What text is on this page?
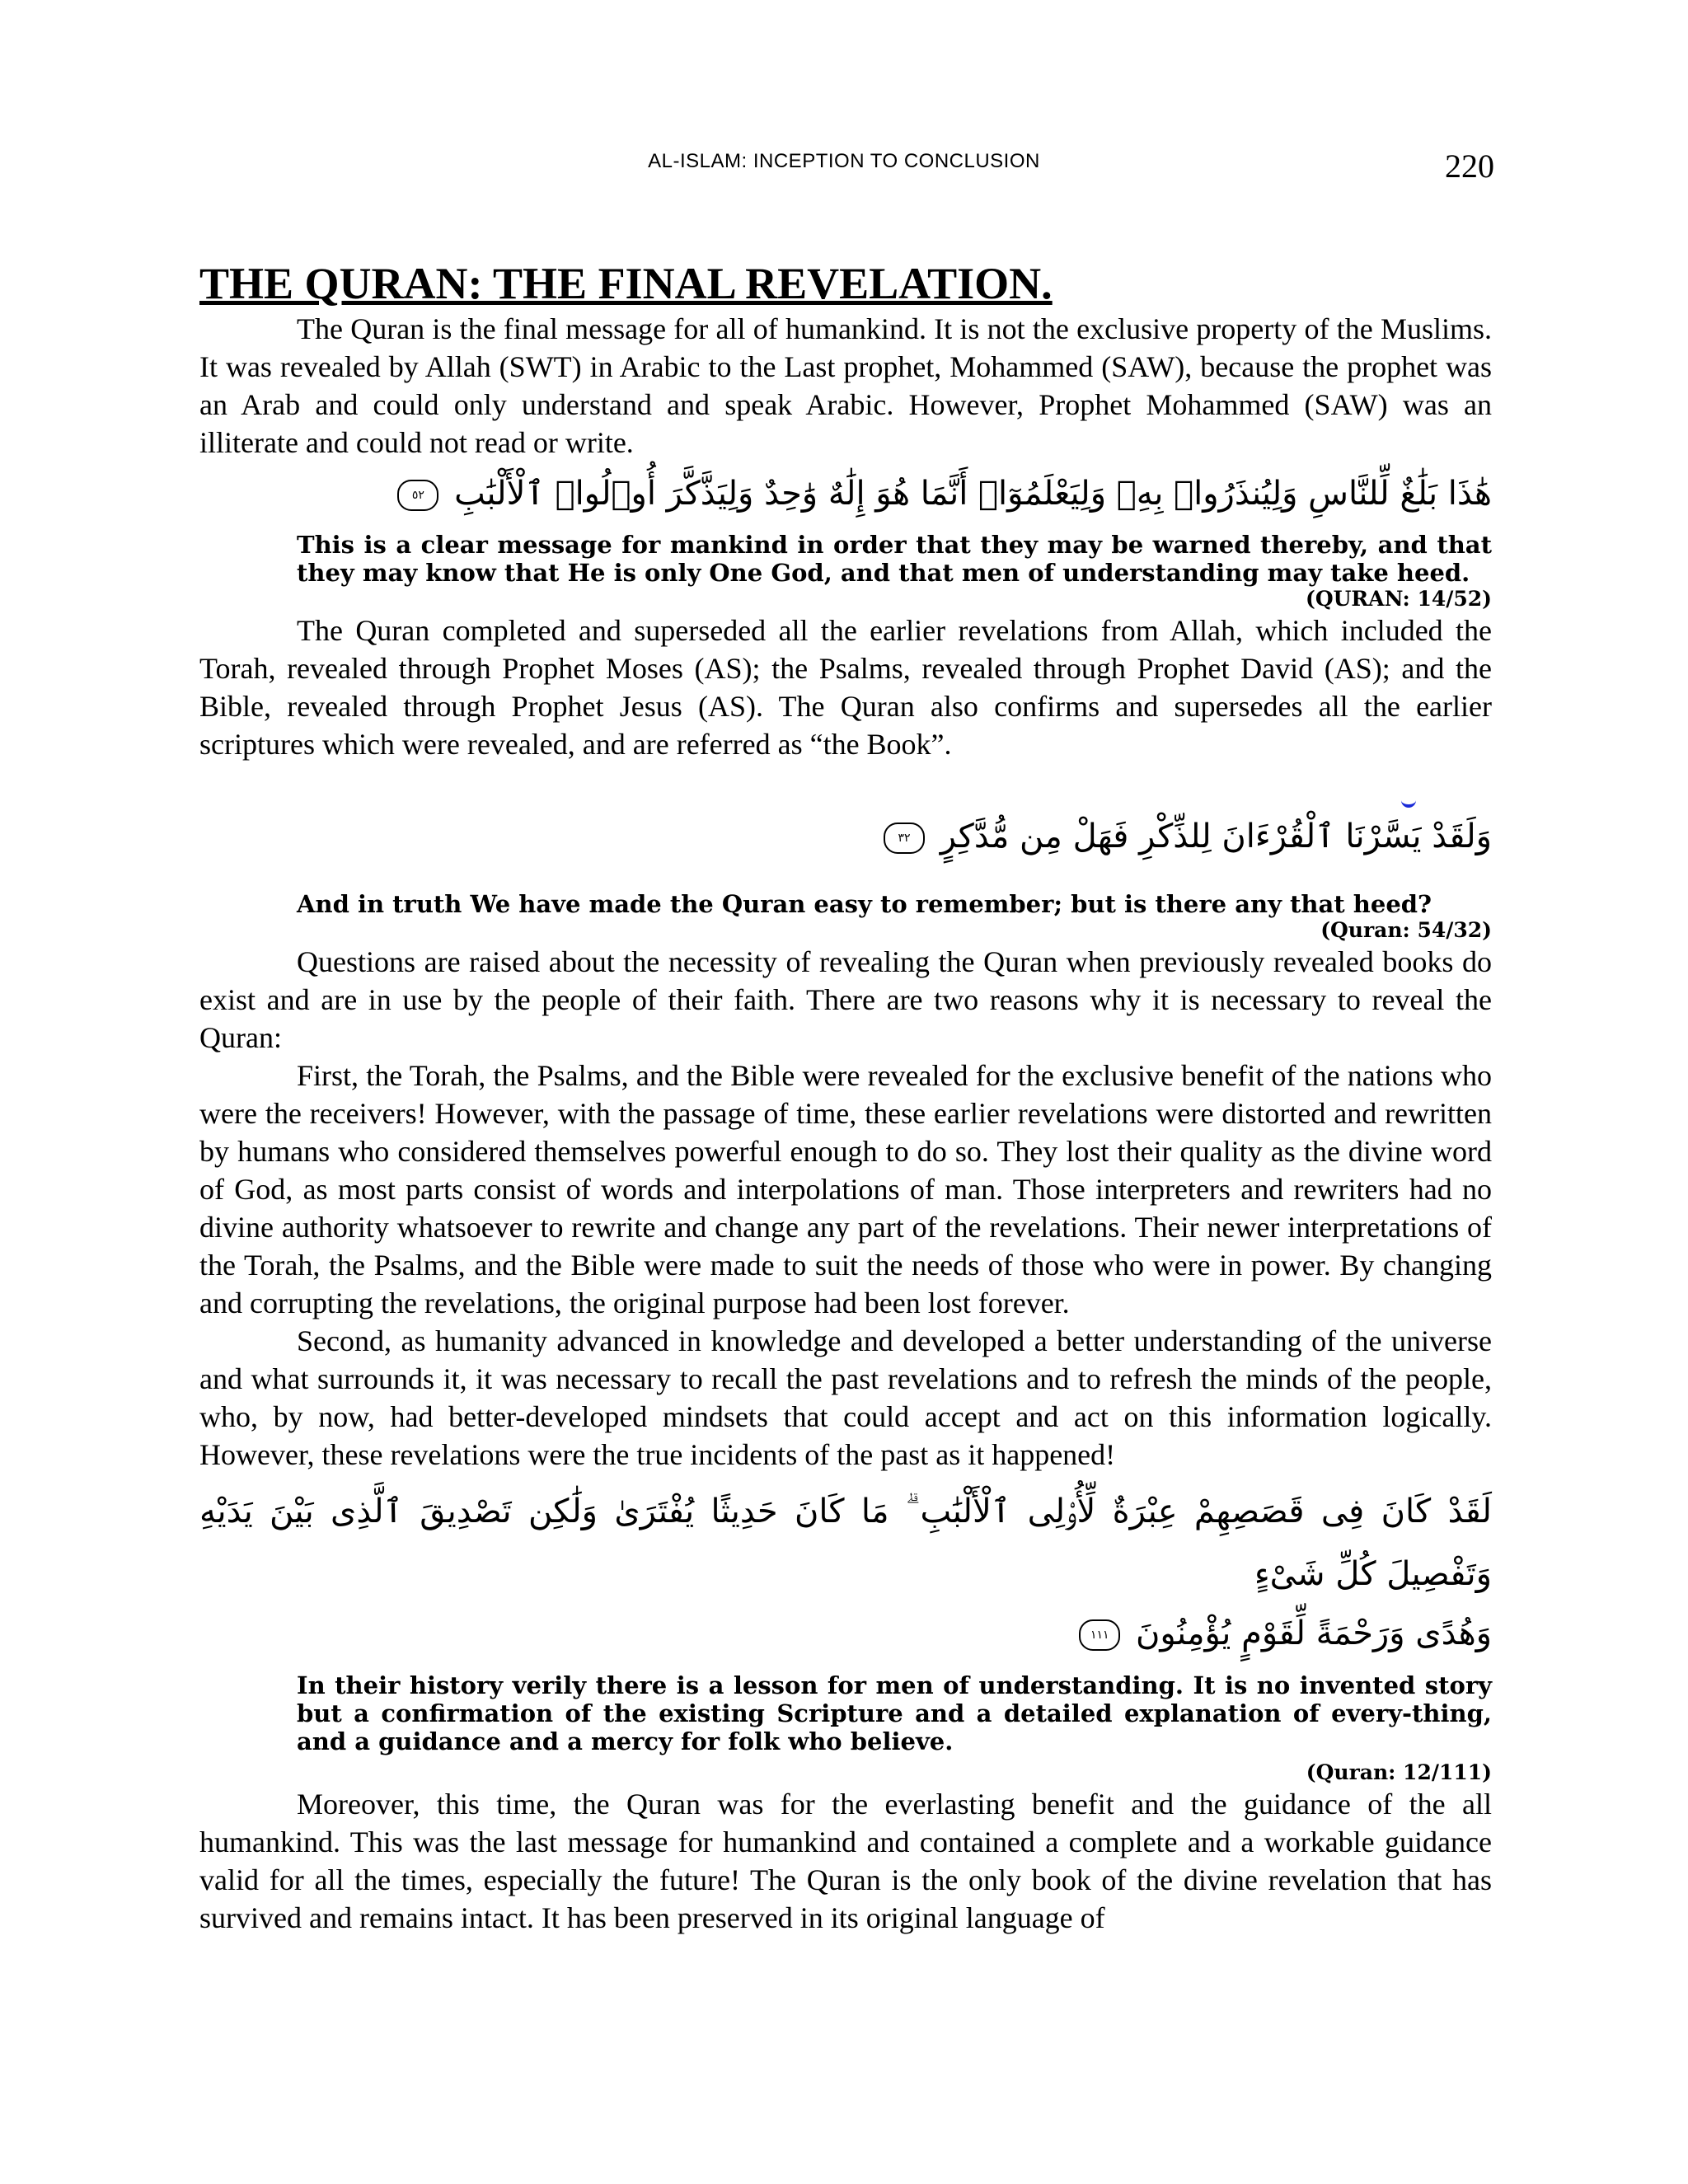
AL-ISLAM: INCEPTION TO CONCLUSION	220
THE QURAN: THE FINAL REVELATION.

The Quran is the final message for all of humankind. It is not the exclusive property of the Muslims. It was revealed by Allah (SWT) in Arabic to the Last prophet, Mohammed (SAW), because the prophet was an Arab and could only understand and speak Arabic. However, Prophet Mohammed (SAW) was an illiterate and could not read or write.

هَٰذَا بَلَٰغٌ لِّلنَّاسِ وَلِيُنذَرُوا۟ بِهِۦ وَلِيَعْلَمُوٓا۟ أَنَّمَا هُوَ إِلَٰهٌ وَٰحِدٌ وَلِيَذَّكَّرَ أُو۟لُوا۟ ٱلْأَلْبَٰبِ ٥٢

This is a clear message for mankind in order that they may be warned thereby, and that they may know that He is only One God, and that men of understanding may take heed.

(QURAN: 14/52)

The Quran completed and superseded all the earlier revelations from Allah, which included the Torah, revealed through Prophet Moses (AS); the Psalms, revealed through Prophet David (AS); and the Bible, revealed through Prophet Jesus (AS). The Quran also confirms and supersedes all the earlier scriptures which were revealed, and are referred as “the Book”.

وَلَقَدْ يَسَّرْنَا ٱلْقُرْءَانَ لِلذِّكْرِ فَهَلْ مِن مُّدَّكِرٍ ٣٢

And in truth We have made the Quran easy to remember; but is there any that heed?

(Quran: 54/32)

Questions are raised about the necessity of revealing the Quran when previously revealed books do exist and are in use by the people of their faith. There are two reasons why it is necessary to reveal the Quran:

First, the Torah, the Psalms, and the Bible were revealed for the exclusive benefit of the nations who were the receivers! However, with the passage of time, these earlier revelations were distorted and rewritten by humans who considered themselves powerful enough to do so. They lost their quality as the divine word of God, as most parts consist of words and interpolations of man. Those interpreters and rewriters had no divine authority whatsoever to rewrite and change any part of the revelations. Their newer interpretations of the Torah, the Psalms, and the Bible were made to suit the needs of those who were in power. By changing and corrupting the revelations, the original purpose had been lost forever.

Second, as humanity advanced in knowledge and developed a better understanding of the universe and what surrounds it, it was necessary to recall the past revelations and to refresh the minds of the people, who, by now, had better-developed mindsets that could accept and act on this information logically. However, these revelations were the true incidents of the past as it happened!

لَقَدْ كَانَ فِى قَصَصِهِمْ عِبْرَةٌ لِّأُو۟لِى ٱلْأَلْبَٰبِ ۗ مَا كَانَ حَدِيثًا يُفْتَرَىٰ وَلَٰكِن تَصْدِيقَ ٱلَّذِى بَيْنَ يَدَيْهِ وَتَفْصِيلَ كُلِّ شَىْءٍ

وَهُدًى وَرَحْمَةً لِّقَوْمٍ يُؤْمِنُونَ ١١١

In their history verily there is a lesson for men of understanding. It is no invented story but a confirmation of the existing Scripture and a detailed explanation of every-thing, and a guidance and a mercy for folk who believe.

(Quran: 12/111)

Moreover, this time, the Quran was for the everlasting benefit and the guidance of the all humankind. This was the last message for humankind and contained a complete and a workable guidance valid for all the times, especially the future! The Quran is the only book of the divine revelation that has survived and remains intact. It has been preserved in its original language of
